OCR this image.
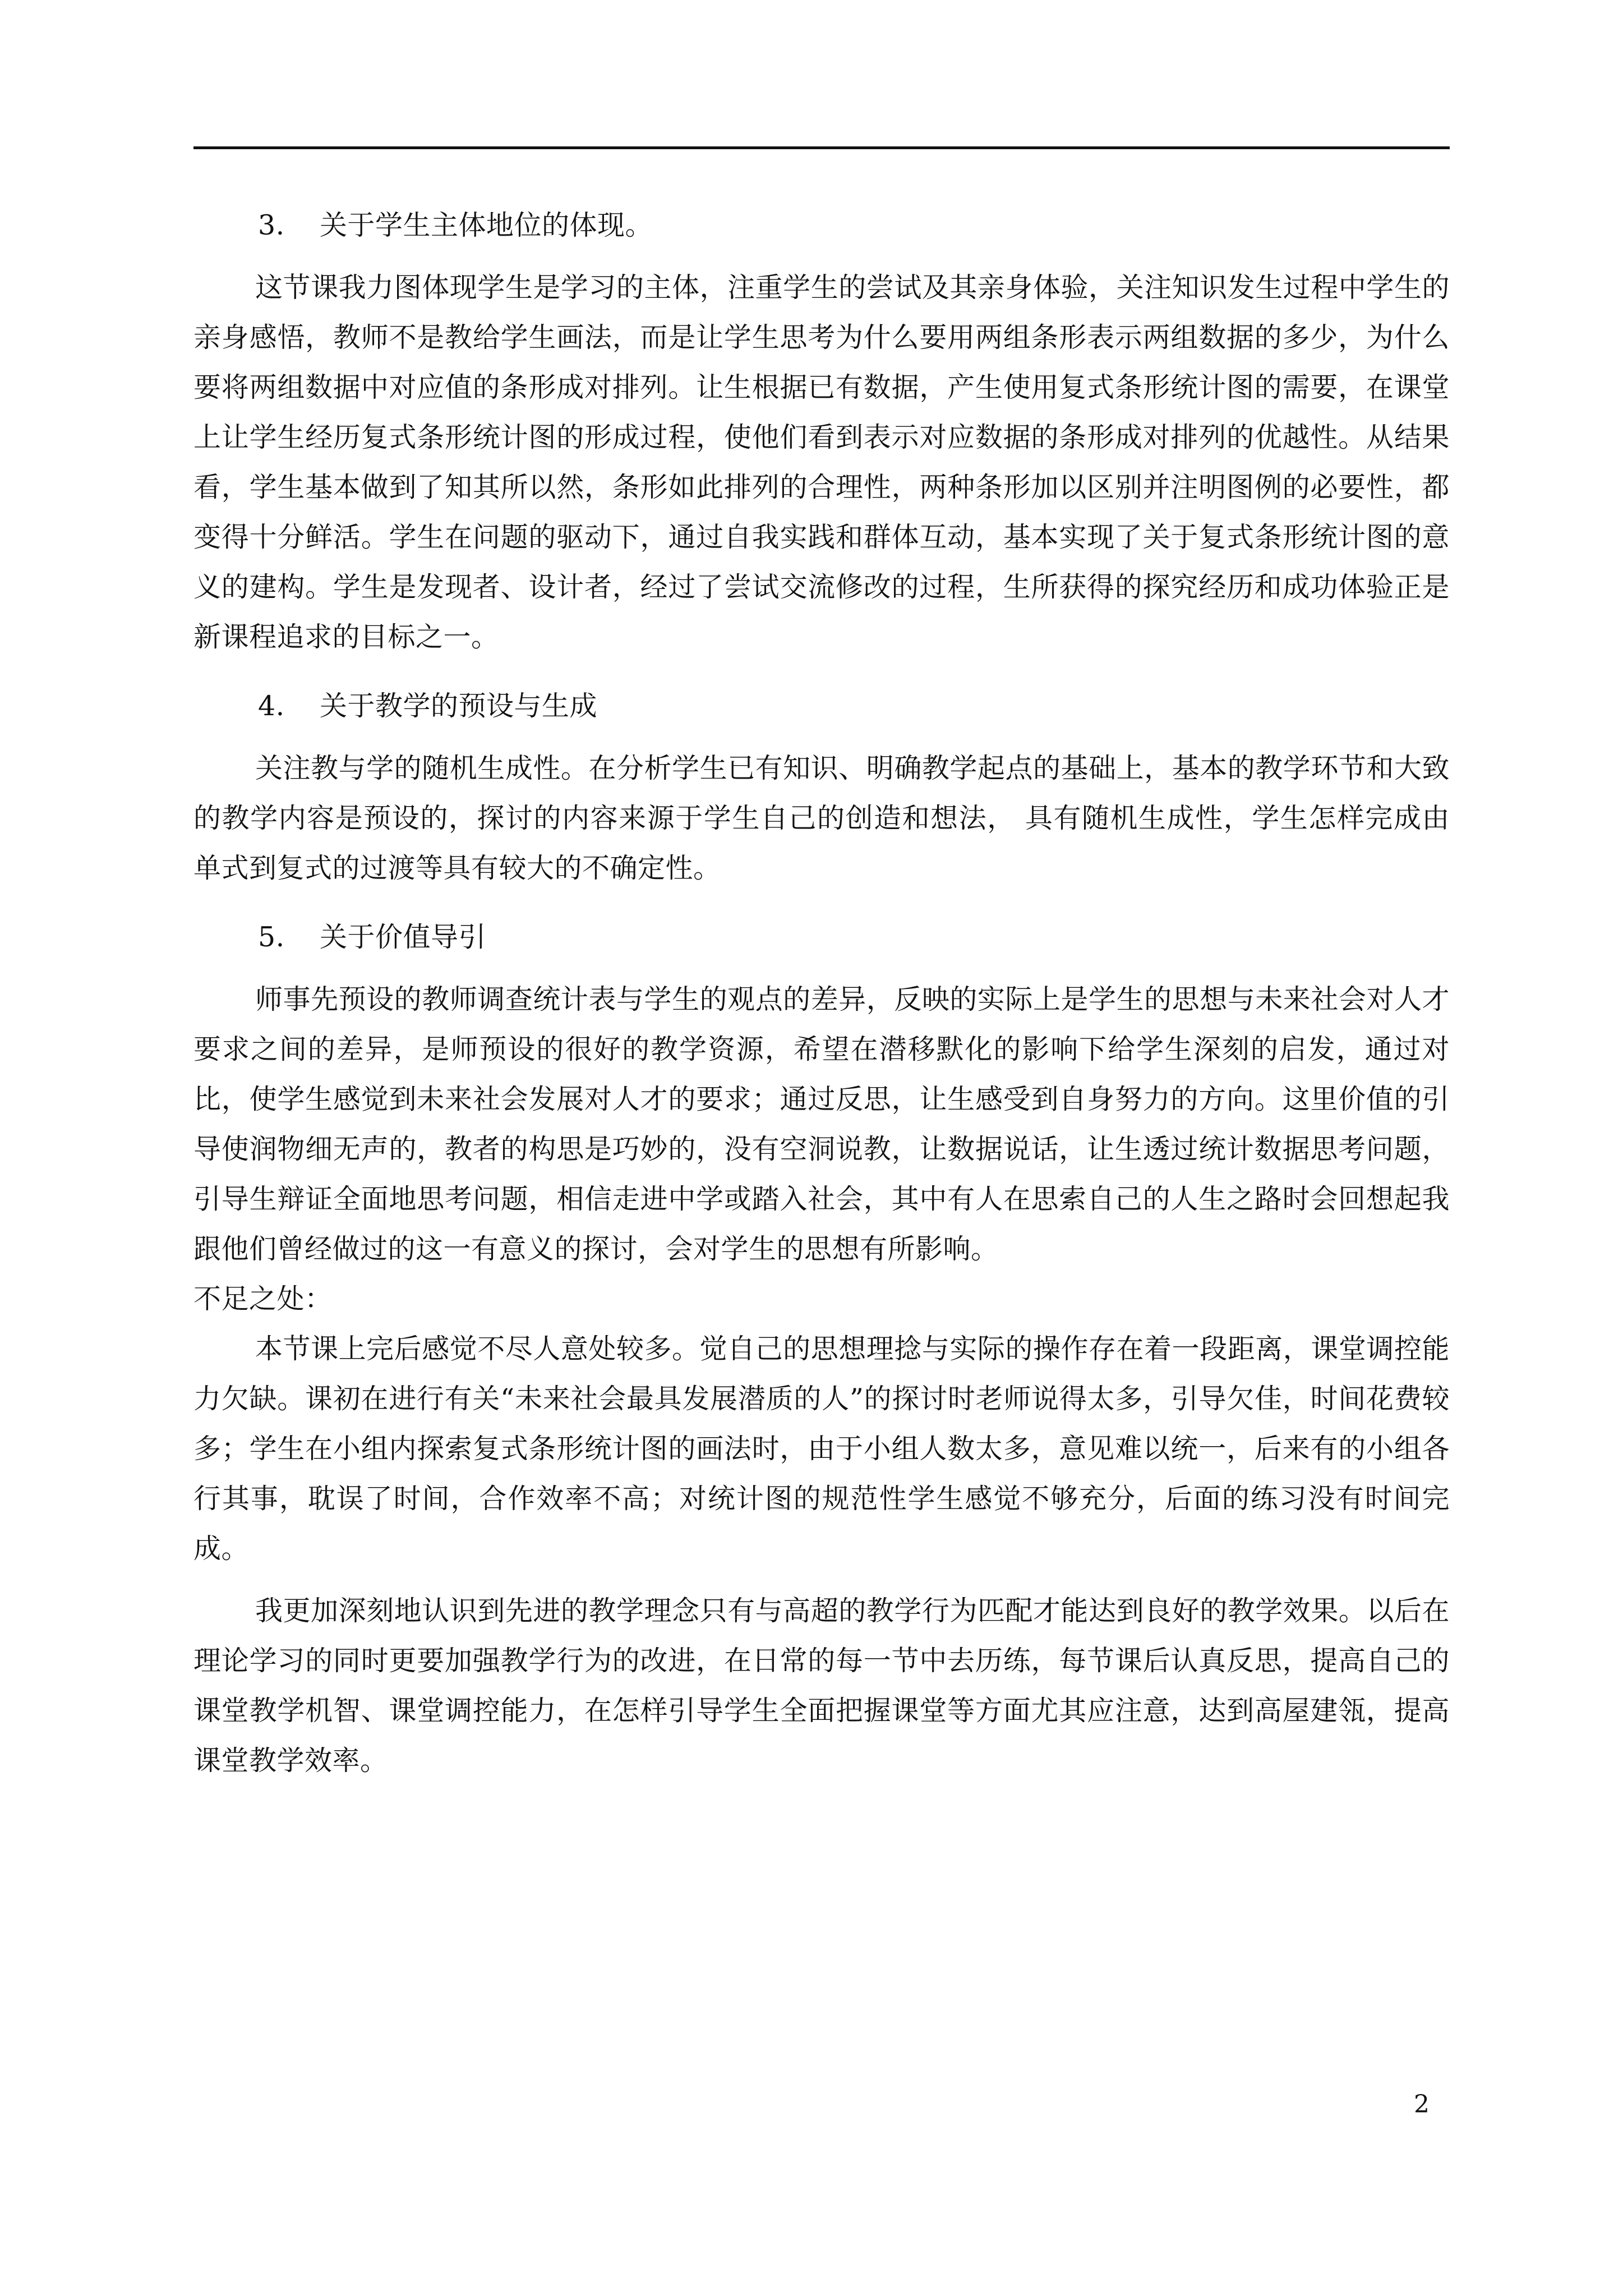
3. 关于学生主体地位的体现。

这节课我力图体现学生是学习的主体，注重学生的尝试及其亲身体验，关注知识发生过程中学生的亲身感悟，教师不是教给学生画法，而是让学生思考为什么要用两组条形表示两组数据的多少，为什么要将两组数据中对应值的条形成对排列。让生根据已有数据，产生使用复式条形统计图的需要，在课堂上让学生经历复式条形统计图的形成过程，使他们看到表示对应数据的条形成对排列的优越性。从结果看，学生基本做到了知其所以然，条形如此排列的合理性，两种条形加以区别并注明图例的必要性，都变得十分鲜活。学生在问题的驱动下，通过自我实践和群体互动，基本实现了关于复式条形统计图的意义的建构。学生是发现者、设计者，经过了尝试交流修改的过程，生所获得的探究经历和成功体验正是新课程追求的目标之一。

4. 关于教学的预设与生成

关注教与学的随机生成性。在分析学生已有知识、明确教学起点的基础上，基本的教学环节和大致的教学内容是预设的，探讨的内容来源于学生自己的创造和想法， 具有随机生成性，学生怎样完成由单式到复式的过渡等具有较大的不确定性。

5. 关于价值导引

师事先预设的教师调查统计表与学生的观点的差异，反映的实际上是学生的思想与未来社会对人才要求之间的差异，是师预设的很好的教学资源，希望在潜移默化的影响下给学生深刻的启发，通过对比，使学生感觉到未来社会发展对人才的要求；通过反思，让生感受到自身努力的方向。这里价值的引导使润物细无声的，教者的构思是巧妙的，没有空洞说教，让数据说话，让生透过统计数据思考问题，引导生辩证全面地思考问题，相信走进中学或踏入社会，其中有人在思索自己的人生之路时会回想起我跟他们曾经做过的这一有意义的探讨，会对学生的思想有所影响。

不足之处：

本节课上完后感觉不尽人意处较多。觉自己的思想理捻与实际的操作存在着一段距离，课堂调控能力欠缺。课初在进行有关“未来社会最具发展潜质的人”的探讨时老师说得太多，引导欠佳，时间花费较多；学生在小组内探索复式条形统计图的画法时，由于小组人数太多，意见难以统一，后来有的小组各行其事，耽误了时间，合作效率不高；对统计图的规范性学生感觉不够充分，后面的练习没有时间完成。

我更加深刻地认识到先进的教学理念只有与高超的教学行为匹配才能达到良好的教学效果。以后在理论学习的同时更要加强教学行为的改进，在日常的每一节中去历练，每节课后认真反思，提高自己的课堂教学机智、课堂调控能力，在怎样引导学生全面把握课堂等方面尤其应注意，达到高屋建瓴，提高课堂教学效率。

2
